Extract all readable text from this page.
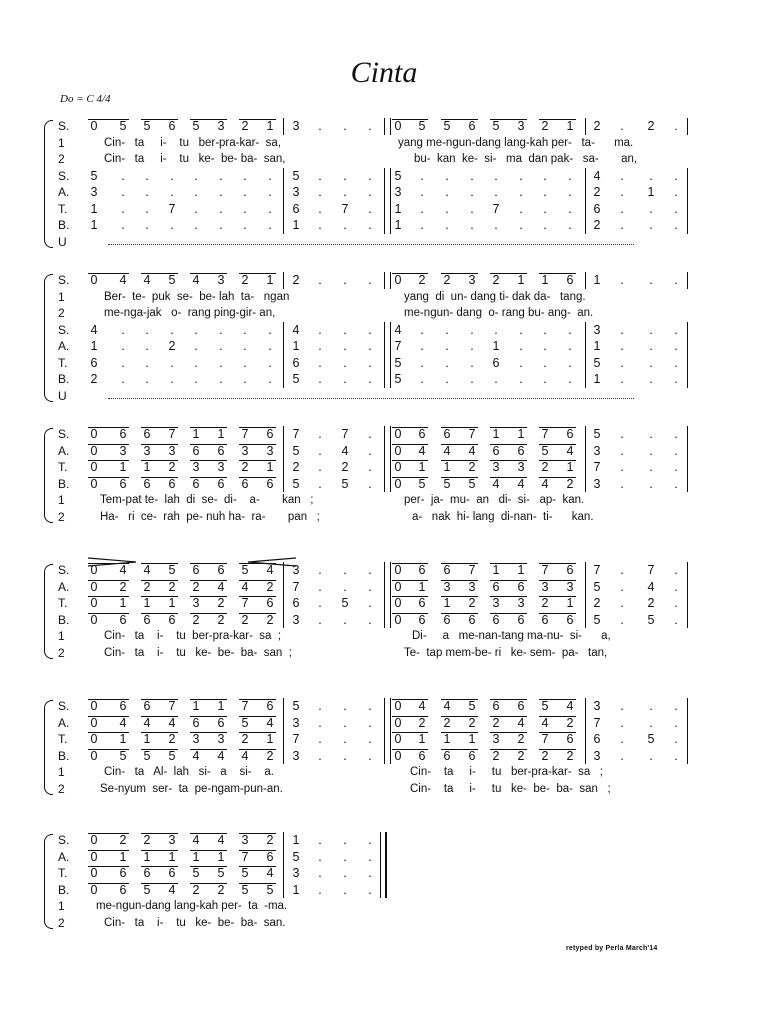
Cinta
Do = C 4/4
S.	0	5	5	6	5	3	2	1	3	.	.	.	0	5	5	6	5	3	2	1	2	.	2	.
1	Cin-   ta     i-    tu   ber-pra-kar-  sa,	yang me-ngun-dang lang-kah per-   ta-      ma.
2	Cin-   ta     i-    tu   ke-  be- ba-  san,	bu-  kan  ke-  si-   ma  dan pak-   sa-       an,
S.	5	.	.	.	.	.	.	.	5	.	.	.	5	.	.	.	.	.	.	.	4	.	.	.
A.	3	.	.	.	.	.	.	.	3	.	.	.	3	.	.	.	.	.	.	.	2	.	1	.
T.	1	.	.	7	.	.	.	.	6	.	7	.	1	.	.	.	7	.	.	.	6	.	.	.
B.	1	.	.	.	.	.	.	.	1	.	.	.	1	.	.	.	.	.	.	.	2	.	.	.
U
S.	0	4	4	5	4	3	2	1	2	.	.	.	0	2	2	3	2	1	1	6	1	.	.	.
1	Ber-  te-  puk  se-  be- lah  ta-   ngan	yang  di  un- dang ti- dak da-   tang.
2	me-nga-jak   o-  rang ping-gir- an,	me-ngun- dang  o- rang bu- ang-  an.
S.	4	.	.	.	.	.	.	.	4	.	.	.	4	.	.	.	.	.	.	.	3	.	.	.
A.	1	.	.	2	.	.	.	.	1	.	.	.	7	.	.	.	1	.	.	.	1	.	.	.
T.	6	.	.	.	.	.	.	.	6	.	.	.	5	.	.	.	6	.	.	.	5	.	.	.
B.	2	.	.	.	.	.	.	.	5	.	.	.	5	.	.	.	.	.	.	.	1	.	.	.
U
S.	0	6	6	7	1	1	7	6	7	.	7	.	0	6	6	7	1	1	7	6	5	.	.	.
A.	0	3	3	3	6	6	3	3	5	.	4	.	0	4	4	4	6	6	5	4	3	.	.	.
T.	0	1	1	2	3	3	2	1	2	.	2	.	0	1	1	2	3	3	2	1	7	.	.	.
B.	0	6	6	6	6	6	6	6	5	.	5	.	0	5	5	5	4	4	4	2	3	.	.	.
1	Tem-pat te-  lah  di  se-  di-    a-       kan   ;	per-  ja-  mu-  an   di-  si-   ap-  kan.
2	Ha-   ri  ce-  rah  pe- nuh ha-  ra-       pan   ;	a-   nak  hi- lang  di-nan-  ti-      kan.
S.	0	4	4	5	6	6	5	4	3	.	.	.	0	6	6	7	1	1	7	6	7	.	7	.
A.	0	2	2	2	2	4	4	2	7	.	.	.	0	1	3	3	6	6	3	3	5	.	4	.
T.	0	1	1	1	3	2	7	6	6	.	5	.	0	6	1	2	3	3	2	1	2	.	2	.
B.	0	6	6	6	2	2	2	2	3	.	.	.	0	6	6	6	6	6	6	6	5	.	5	.
1	Cin-   ta    i-    tu  ber-pra-kar-  sa  ;	Di-     a   me-nan-tang ma-nu-  si-      a,
2	Cin-   ta    i-    tu   ke-  be-  ba-  san  ;	Te-  tap mem-be- ri   ke- sem-  pa-   tan,
S.	0	6	6	7	1	1	7	6	5	.	.	.	0	4	4	5	6	6	5	4	3	.	.	.
A.	0	4	4	4	6	6	5	4	3	.	.	.	0	2	2	2	2	4	4	2	7	.	.	.
T.	0	1	1	2	3	3	2	1	7	.	.	.	0	1	1	1	3	2	7	6	6	.	5	.
B.	0	5	5	5	4	4	4	2	3	.	.	.	0	6	6	6	2	2	2	2	3	.	.	.
1	Cin-   ta   Al-  lah   si-   a    si-    a.	Cin-    ta     i-     tu   ber-pra-kar-  sa   ;
2	Se-nyum  ser-  ta  pe-ngam-pun-an.	Cin-    ta     i-     tu   ke-  be-  ba-  san   ;
S.	0	2	2	3	4	4	3	2	1	.	.	.
A.	0	1	1	1	1	1	7	6	5	.	.	.
T.	0	6	6	6	5	5	5	4	3	.	.	.
B.	0	6	5	4	2	2	5	5	1	.	.	.
1	me-ngun-dang lang-kah per-  ta  -ma.
2	Cin-   ta    i-    tu   ke-  be-  ba-  san.
retyped by Perla March'14
